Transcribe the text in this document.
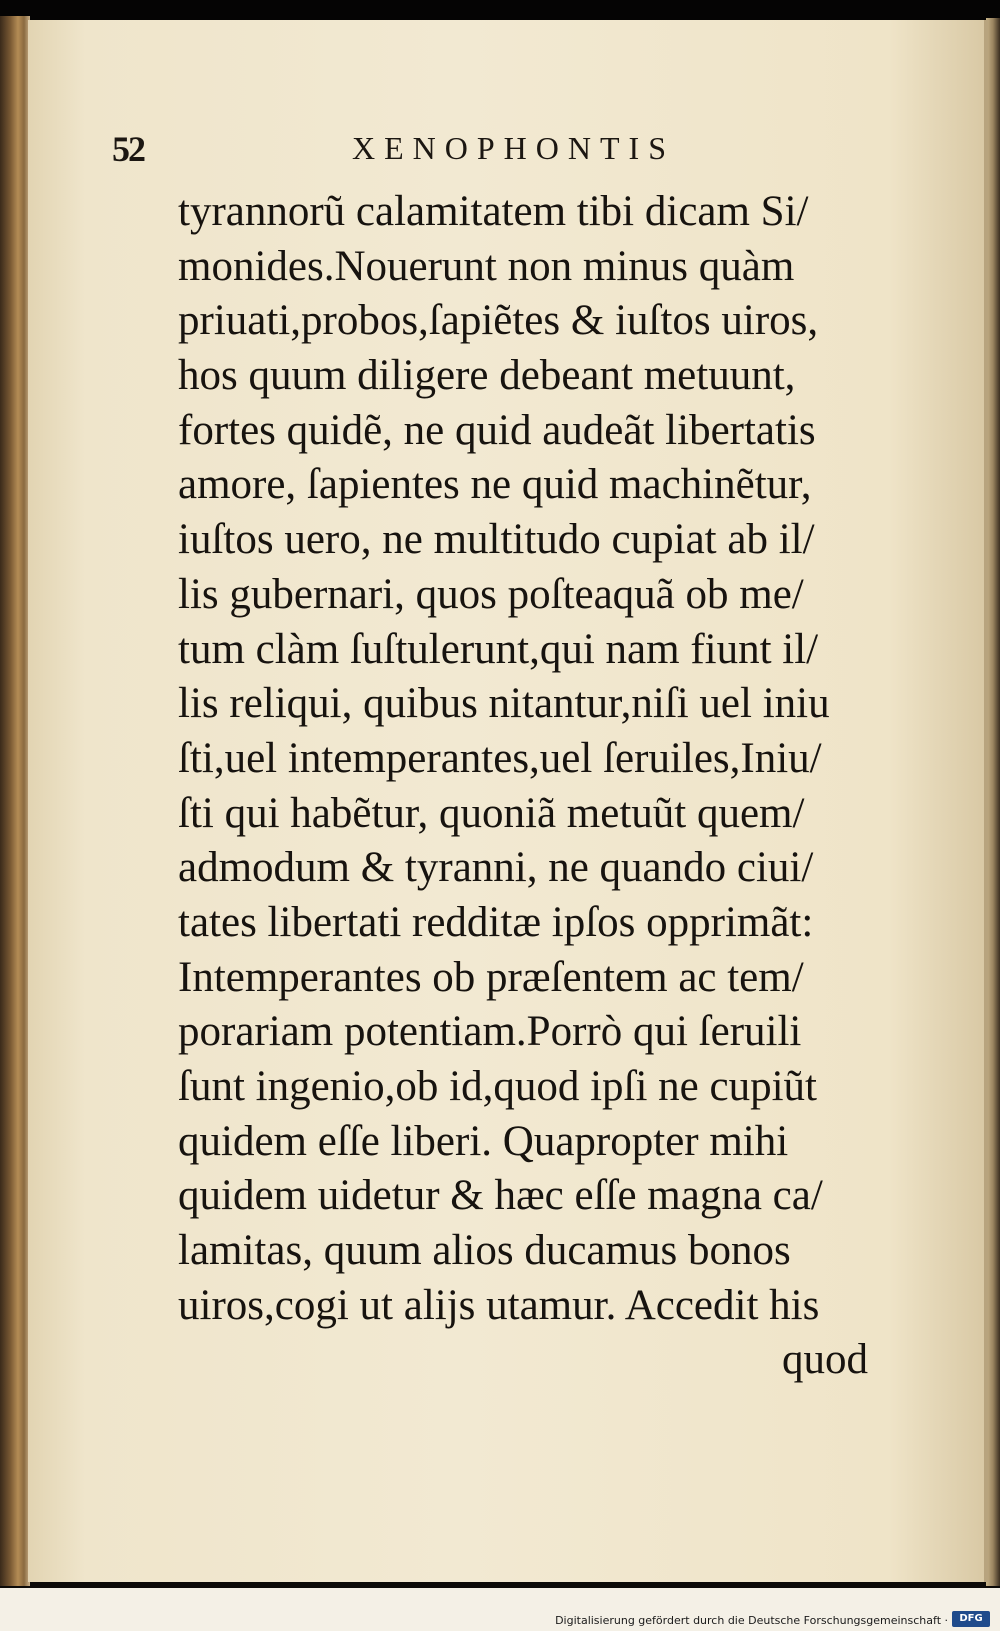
52	XENOPHONTIS
tyrannorũ calamitatem tibi dicam Si/
monides.Nouerunt non minus quàm
priuati,probos,ſapiẽtes & iuſtos uiros,
hos quum diligere debeant metuunt,
fortes quidẽ, ne quid audeãt libertatis
amore, ſapientes ne quid machinẽtur,
iuſtos uero, ne multitudo cupiat ab il/
lis gubernari, quos poſteaquã ob me/
tum clàm ſuſtulerunt,qui nam fiunt il/
lis reliqui, quibus nitantur,niſi uel iniu
ſti,uel intemperantes,uel ſeruiles,Iniu/
ſti qui habẽtur, quoniã metuũt quem/
admodum & tyranni, ne quando ciui/
tates libertati redditæ ipſos opprimãt:
Intemperantes ob præſentem ac tem/
porariam potentiam.Porrò qui ſeruili
ſunt ingenio,ob id,quod ipſi ne cupiũt
quidem eſſe liberi. Quapropter mihi
quidem uidetur & hæc eſſe magna ca/
lamitas, quum alios ducamus bonos
uiros,cogi ut alijs utamur. Accedit his
quod
Digitalisierung gefördert durch die Deutsche Forschungsgemeinschaft ·	DFG
